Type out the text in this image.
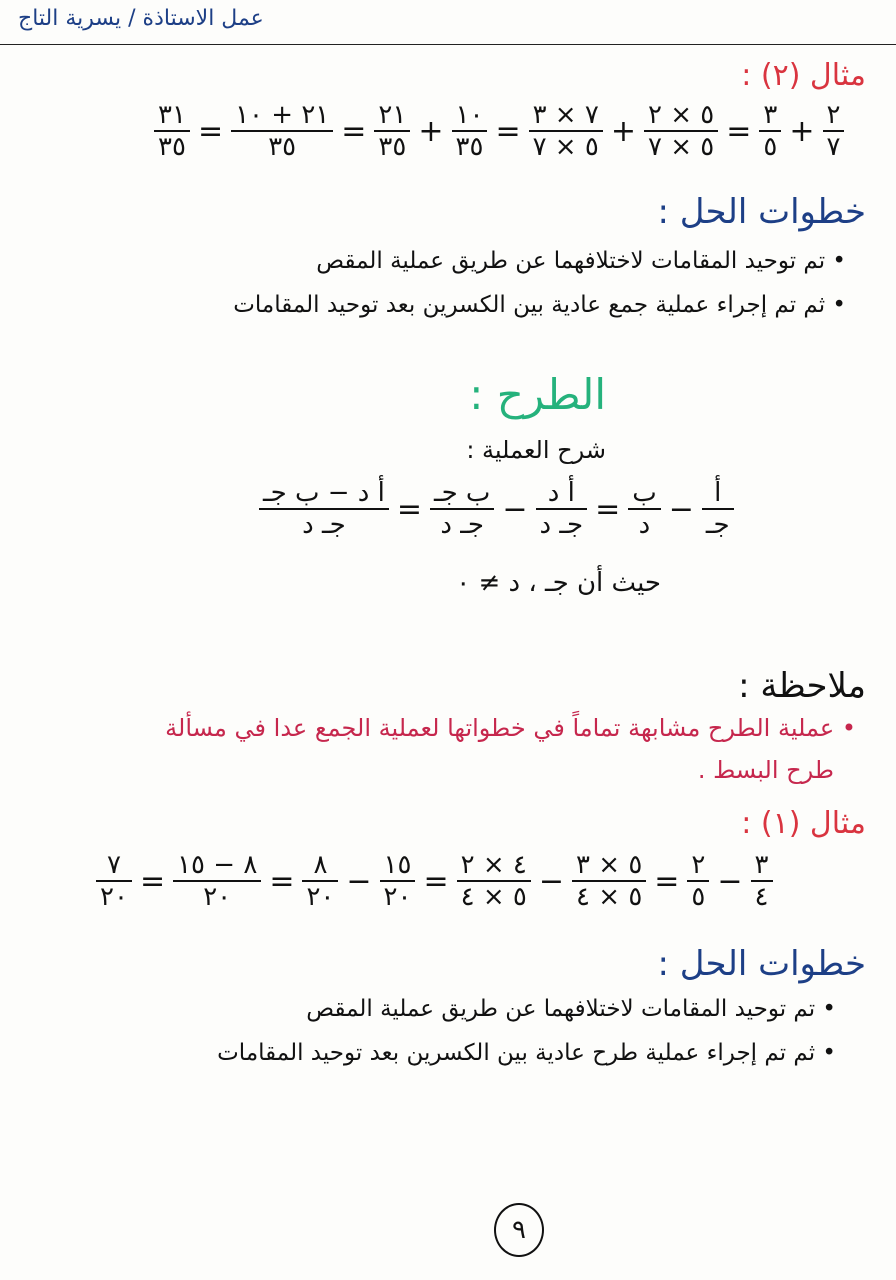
عمل الاستاذة / يسرية التاج
مثال (٢) :
$\frac{٣١}{٣٥} = \frac{٢١ + ١٠}{٣٥} = \frac{٢١}{٣٥} + \frac{١٠}{٣٥} = \frac{٧ \times ٣}{٥ \times ٧} + \frac{٥ \times ٢}{٥ \times ٧} = \frac{٣}{٥} + \frac{٢}{٧}$
خطوات الحل :
• تم توحيد المقامات لاختلافهما عن طريق عملية المقص
• ثم تم إجراء عملية جمع عادية بين الكسرين بعد توحيد المقامات
الطرح :
شرح العملية :
$\frac{\text{أ د − ب جـ}}{\text{جـ د}} = \frac{\text{ب جـ}}{\text{جـ د}} - \frac{\text{أ د}}{\text{جـ د}} = \frac{\text{ب}}{\text{د}} - \frac{\text{أ}}{\text{جـ}}$
حيث أن جـ ، د ≠ ٠
ملاحظة :
• عملية الطرح مشابهة تماماً في خطواتها لعملية الجمع عدا في مسألة
طرح البسط .
مثال (١) :
$\frac{٧}{٢٠} = \frac{٨ - ١٥}{٢٠} = \frac{٨}{٢٠} - \frac{١٥}{٢٠} = \frac{٤ \times ٢}{٥ \times ٤} - \frac{٥ \times ٣}{٥ \times ٤} = \frac{٢}{٥} - \frac{٣}{٤}$
خطوات الحل :
• تم توحيد المقامات لاختلافهما عن طريق عملية المقص
• ثم تم إجراء عملية طرح عادية بين الكسرين بعد توحيد المقامات
٩
